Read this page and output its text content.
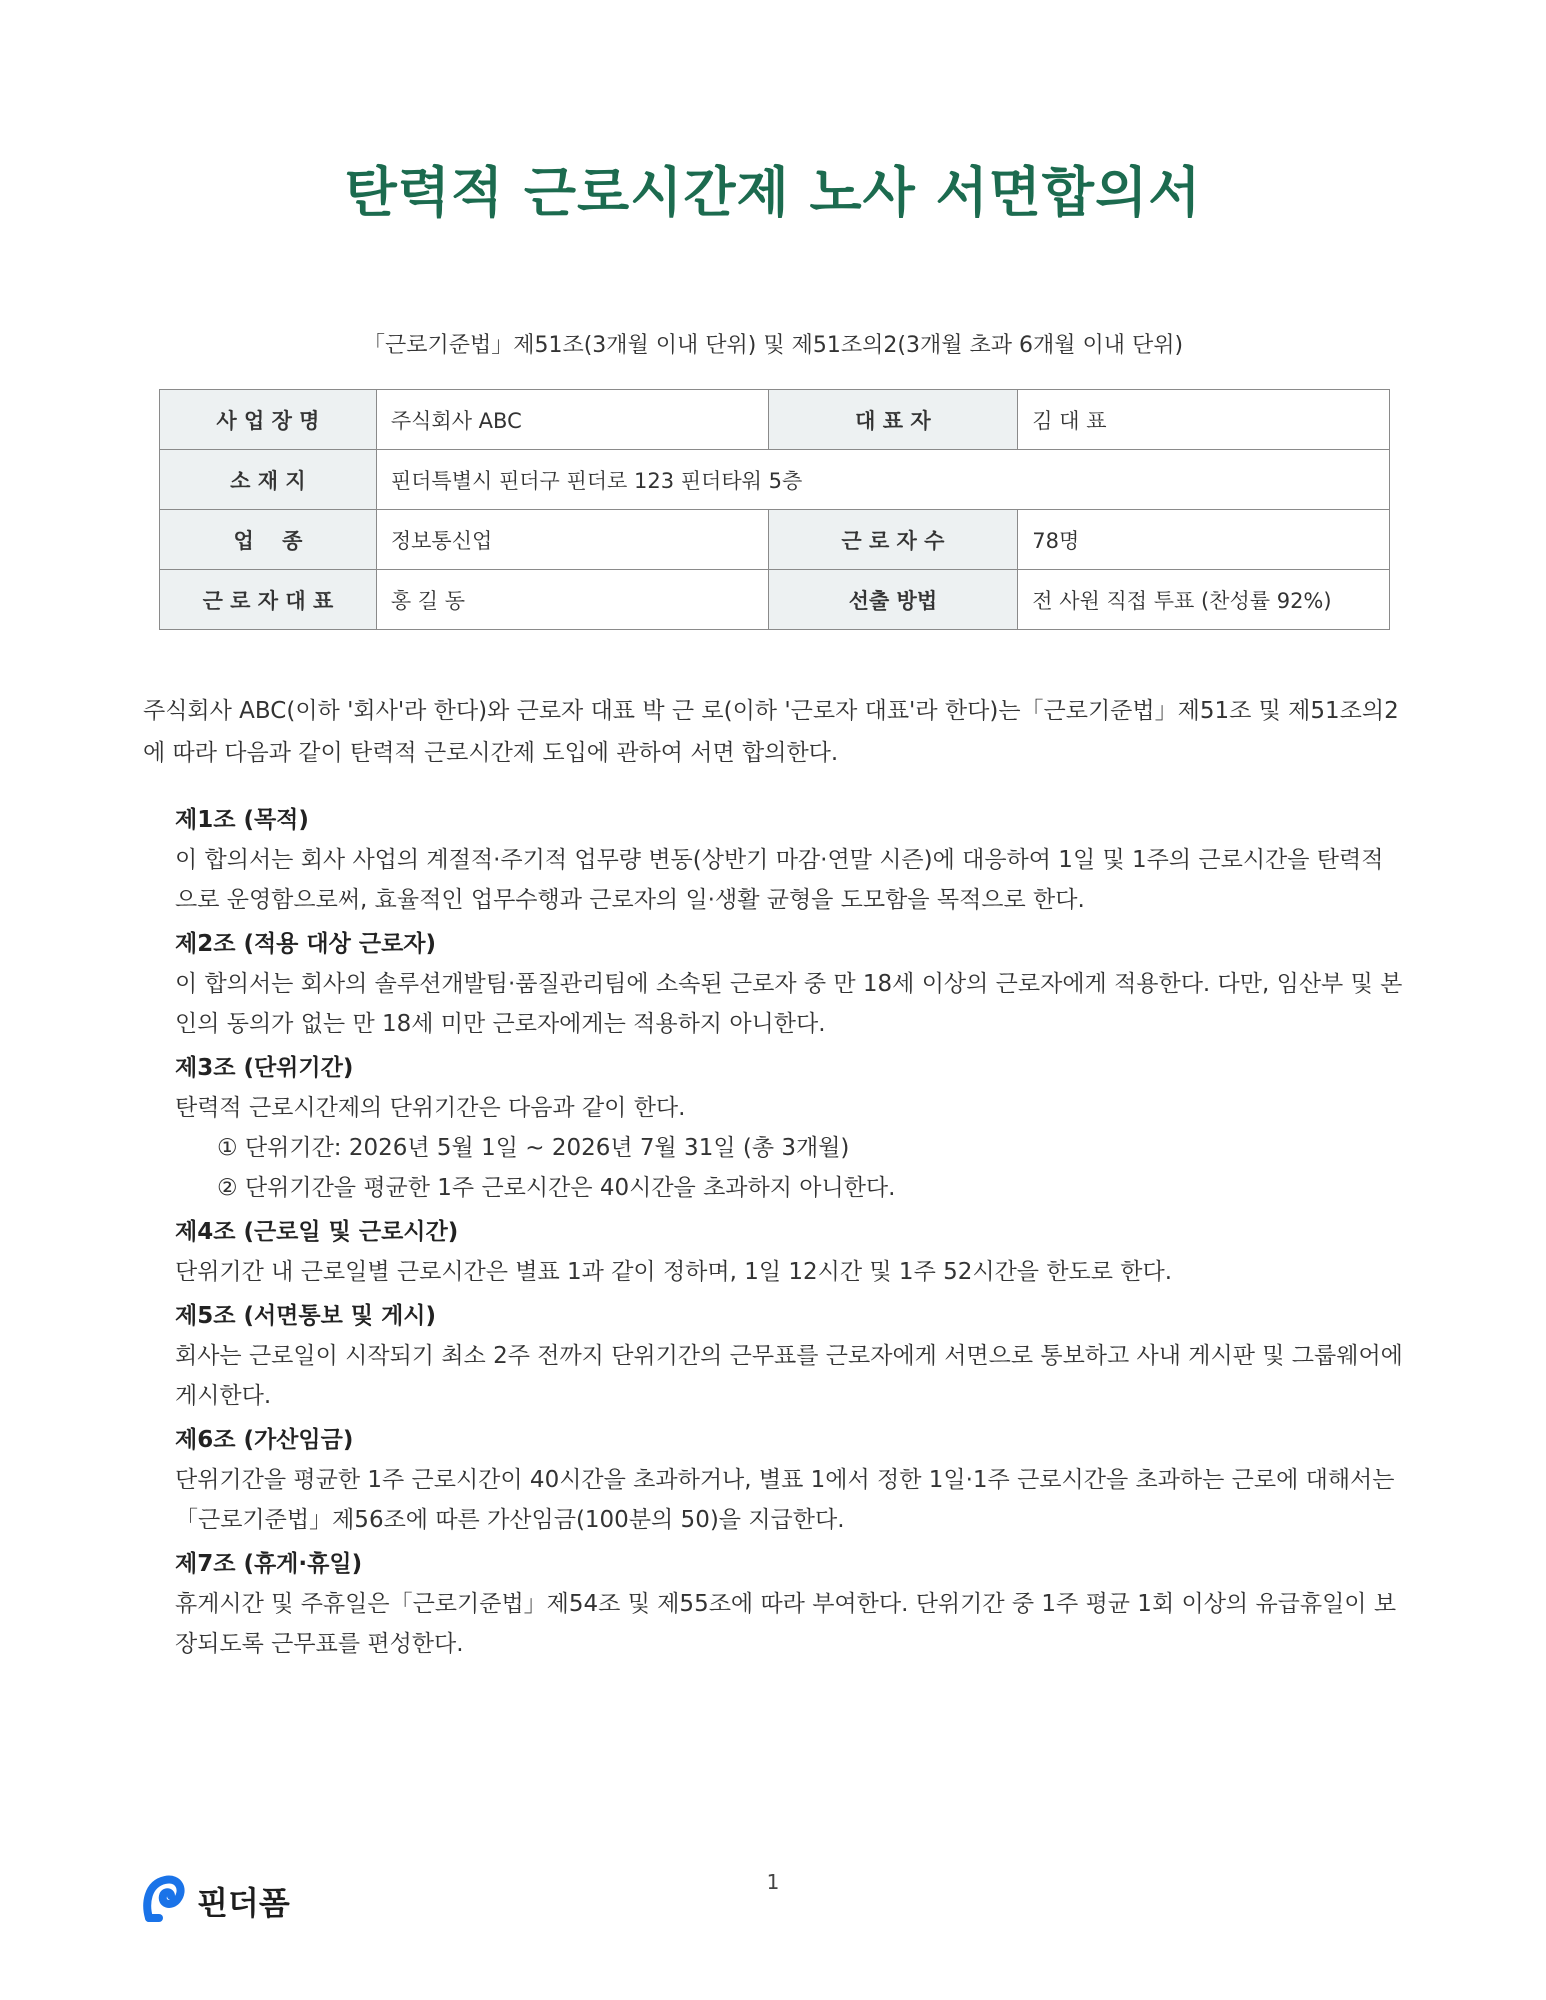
탄력적 근로시간제 노사 서면합의서
「근로기준법」제51조(3개월 이내 단위) 및 제51조의2(3개월 초과 6개월 이내 단위)
사 업 장 명	주식회사 ABC	대 표 자	김 대 표
소 재 지	핀더특별시 핀더구 핀더로 123 핀더타워 5층		
업　 종	정보통신업	근 로 자 수	78명
근 로 자 대 표	홍 길 동	선출 방법	전 사원 직접 투표 (찬성률 92%)
주식회사 ABC(이하 '회사'라 한다)와 근로자 대표 박 근 로(이하 '근로자 대표'라 한다)는「근로기준법」제51조 및 제51조의2에 따라 다음과 같이 탄력적 근로시간제 도입에 관하여 서면 합의한다.
제1조 (목적)
이 합의서는 회사 사업의 계절적·주기적 업무량 변동(상반기 마감·연말 시즌)에 대응하여 1일 및 1주의 근로시간을 탄력적으로 운영함으로써, 효율적인 업무수행과 근로자의 일·생활 균형을 도모함을 목적으로 한다.
제2조 (적용 대상 근로자)
이 합의서는 회사의 솔루션개발팀·품질관리팀에 소속된 근로자 중 만 18세 이상의 근로자에게 적용한다. 다만, 임산부 및 본인의 동의가 없는 만 18세 미만 근로자에게는 적용하지 아니한다.
제3조 (단위기간)
탄력적 근로시간제의 단위기간은 다음과 같이 한다.
① 단위기간: 2026년 5월 1일 ~ 2026년 7월 31일 (총 3개월)
② 단위기간을 평균한 1주 근로시간은 40시간을 초과하지 아니한다.
제4조 (근로일 및 근로시간)
단위기간 내 근로일별 근로시간은 별표 1과 같이 정하며, 1일 12시간 및 1주 52시간을 한도로 한다.
제5조 (서면통보 및 게시)
회사는 근로일이 시작되기 최소 2주 전까지 단위기간의 근무표를 근로자에게 서면으로 통보하고 사내 게시판 및 그룹웨어에 게시한다.
제6조 (가산임금)
단위기간을 평균한 1주 근로시간이 40시간을 초과하거나, 별표 1에서 정한 1일·1주 근로시간을 초과하는 근로에 대해서는「근로기준법」제56조에 따른 가산임금(100분의 50)을 지급한다.
제7조 (휴게·휴일)
휴게시간 및 주휴일은「근로기준법」제54조 및 제55조에 따라 부여한다. 단위기간 중 1주 평균 1회 이상의 유급휴일이 보장되도록 근무표를 편성한다.
1
핀더폼
